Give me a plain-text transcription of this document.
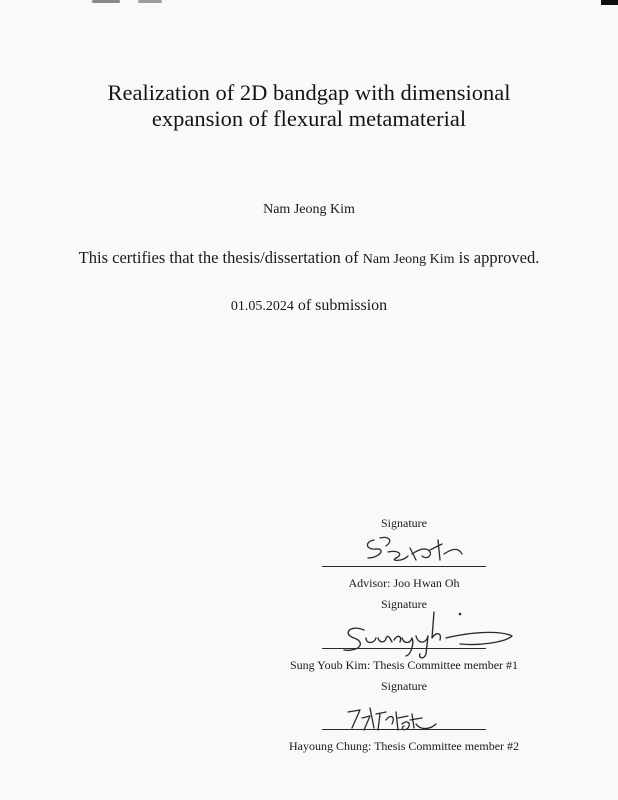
Realization of 2D bandgap with dimensional
expansion of flexural metamaterial
Nam Jeong Kim
This certifies that the thesis/dissertation of Nam Jeong Kim is approved.
01.05.2024 of submission
Signature
Advisor: Joo Hwan Oh
Signature
Sung Youb Kim: Thesis Committee member #1
Signature
Hayoung Chung: Thesis Committee member #2
